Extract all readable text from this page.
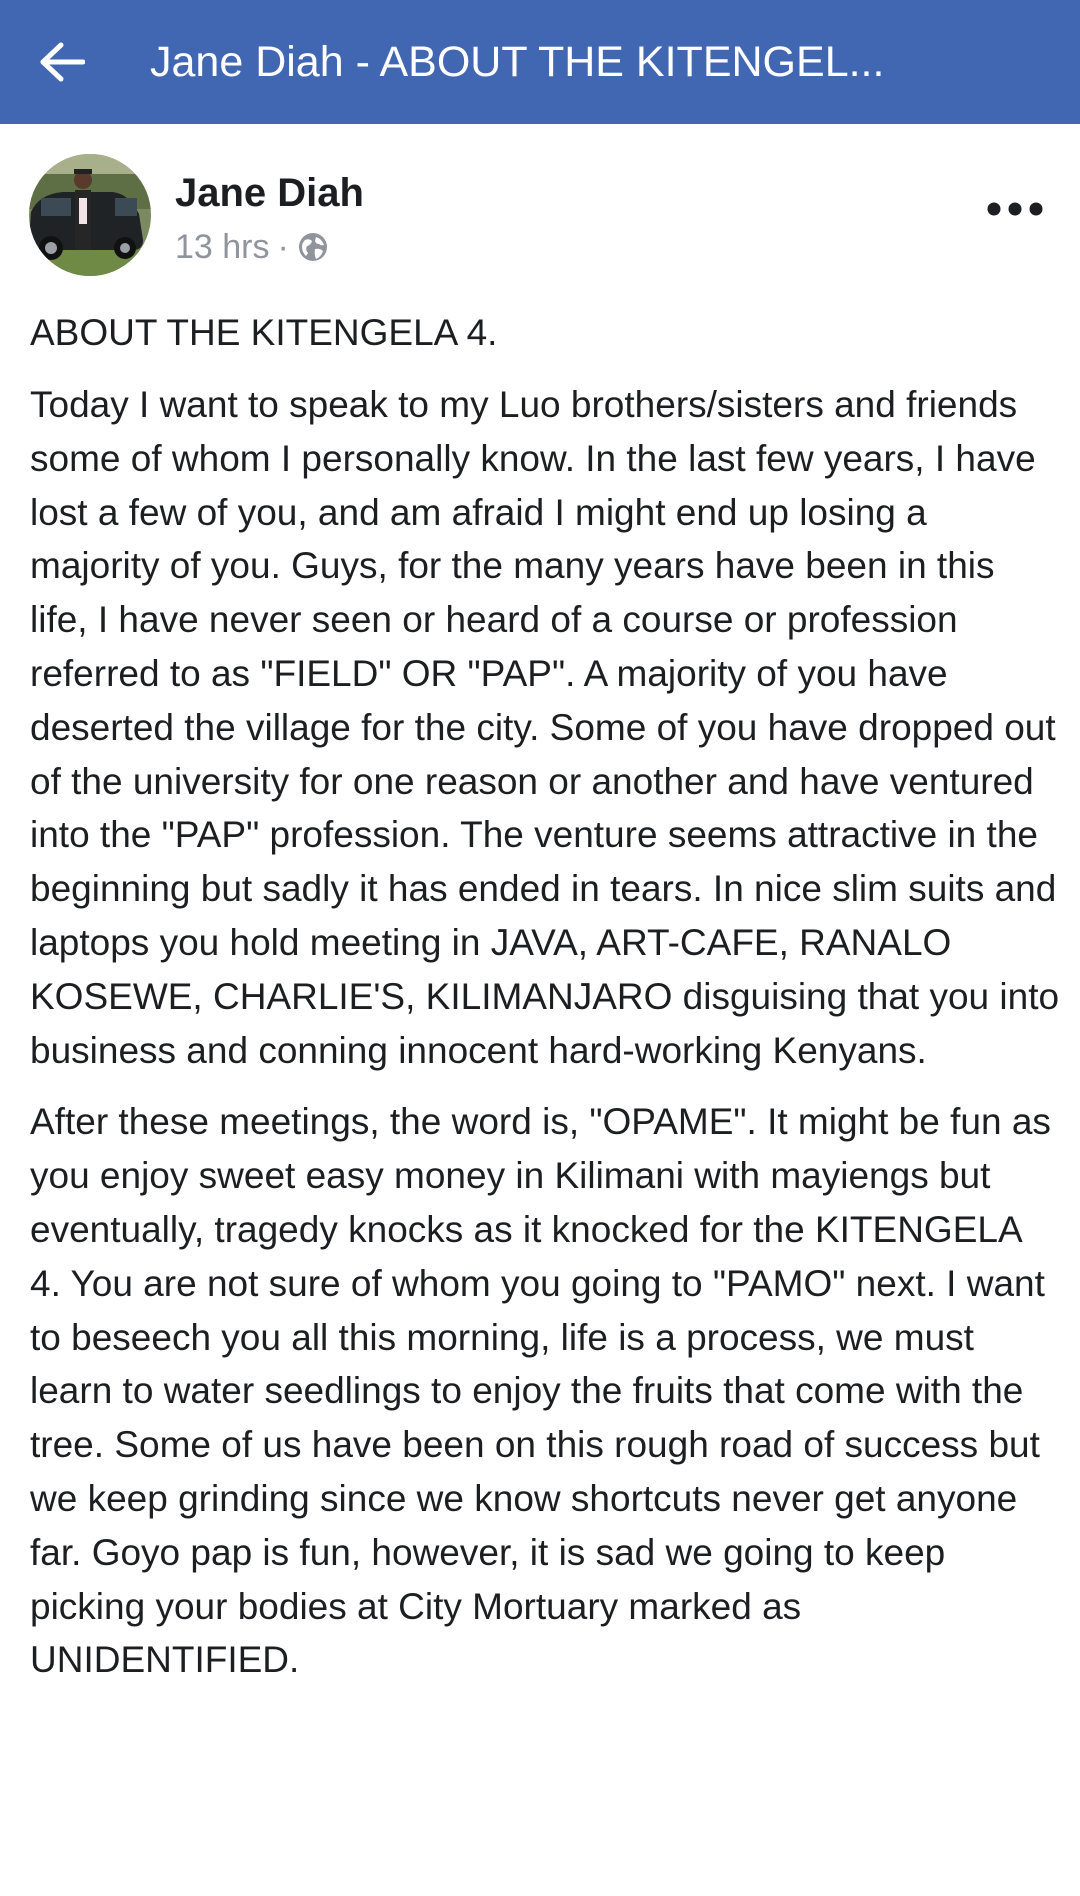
Jane Diah - ABOUT THE KITENGEL...
Jane Diah
13 hrs ·

ABOUT THE KITENGELA 4.

Today I want to speak to my Luo brothers/sisters and friends some of whom I personally know. In the last few years, I have lost a few of you, and am afraid I might end up losing a majority of you. Guys, for the many years have been in this life, I have never seen or heard of a course or profession referred to as "FIELD" OR "PAP". A majority of you have deserted the village for the city. Some of you have dropped out of the university for one reason or another and have ventured into the "PAP" profession. The venture seems attractive in the beginning but sadly it has ended in tears. In nice slim suits and laptops you hold meeting in JAVA, ART-CAFE, RANALO KOSEWE, CHARLIE'S, KILIMANJARO disguising that you into business and conning innocent hard-working Kenyans.

After these meetings, the word is, "OPAME". It might be fun as you enjoy sweet easy money in Kilimani with mayiengs but eventually, tragedy knocks as it knocked for the KITENGELA 4. You are not sure of whom you going to "PAMO" next. I want to beseech you all this morning, life is a process, we must learn to water seedlings to enjoy the fruits that come with the tree. Some of us have been on this rough road of success but we keep grinding since we know shortcuts never get anyone far. Goyo pap is fun, however, it is sad we going to keep picking your bodies at City Mortuary marked as UNIDENTIFIED.
